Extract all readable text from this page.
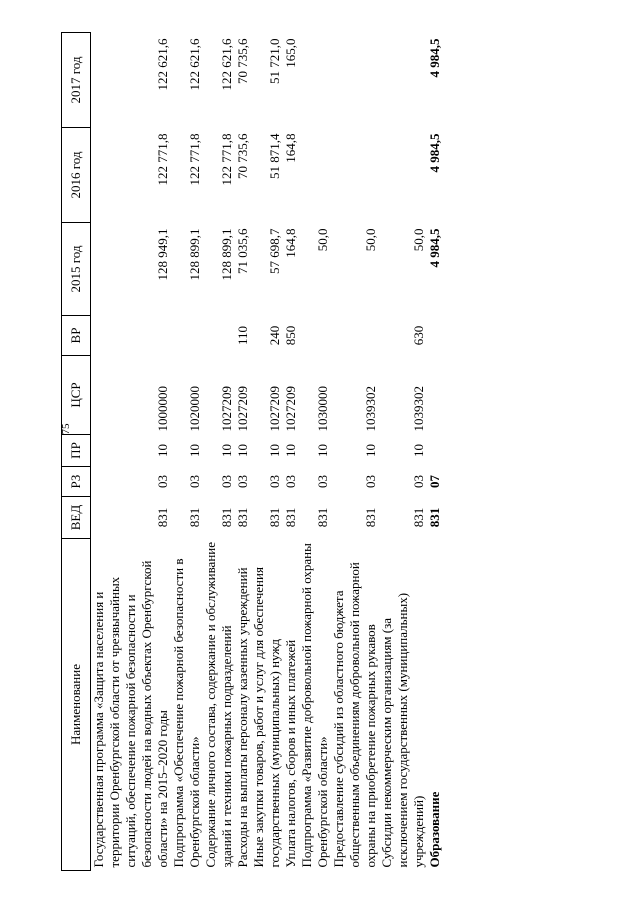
75
Наименование	ВЕД	РЗ	ПР	ЦСР	ВР	2015 год	2016 год	2017 год
Государственная программа «Защита населения и территории Оренбургской области от чрезвычайных ситуаций, обеспечение пожарной безопасности и безопасности людей на водных объектах Оренбургской области» на 2015–2020 годы	831	03	10	1000000		128 949,1	122 771,8	122 621,6
Подпрограмма «Обеспечение пожарной безопасности в Оренбургской области»	831	03	10	1020000		128 899,1	122 771,8	122 621,6
Содержание личного состава, содержание и обслуживание зданий и техники пожарных подразделений	831	03	10	1027209		128 899,1	122 771,8	122 621,6
Расходы на выплаты персоналу казенных учреждений	831	03	10	1027209	110	71 035,6	70 735,6	70 735,6
Иные закупки товаров, работ и услуг для обеспечения государственных (муниципальных) нужд	831	03	10	1027209	240	57 698,7	51 871,4	51 721,0
Уплата налогов, сборов и иных платежей	831	03	10	1027209	850	164,8	164,8	165,0
Подпрограмма «Развитие добровольной пожарной охраны Оренбургской области»	831	03	10	1030000		50,0		
Предоставление субсидий из областного бюджета общественным объединениям добровольной пожарной охраны на приобретение пожарных рукавов	831	03	10	1039302		50,0		
Субсидии некоммерческим организациям (за исключением государственных (муниципальных) учреждений)	831	03	10	1039302	630	50,0		
Образование	831	07				4 984,5	4 984,5	4 984,5
